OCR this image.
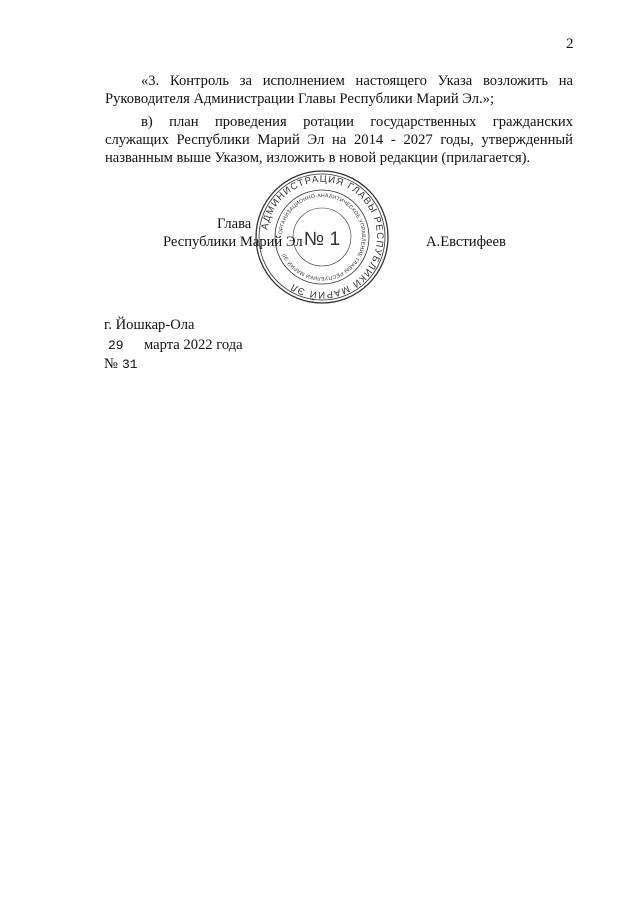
2

«3. Контроль за исполнением настоящего Указа возложить на Руководителя Администрации Главы Республики Марий Эл.»;

в) план проведения ротации государственных гражданских служащих Республики Марий Эл на 2014 - 2027 годы, утвержденный названным выше Указом, изложить в новой редакции (прилагается).

Глава
Республики Марий Эл	А.Евстифеев
АДМИНИСТРАЦИЯ ГЛАВЫ РЕСПУБЛИКИ МАРИЙ ЭЛ
ОРГАНИЗАЦИОННО-АНАЛИТИЧЕСКОЕ УПРАВЛЕНИЕ ГЛАВЫ РЕСПУБЛИКИ МАРИЙ ЭЛ
№ 1
г. Йошкар-Ола
29 марта 2022 года
№ 31
